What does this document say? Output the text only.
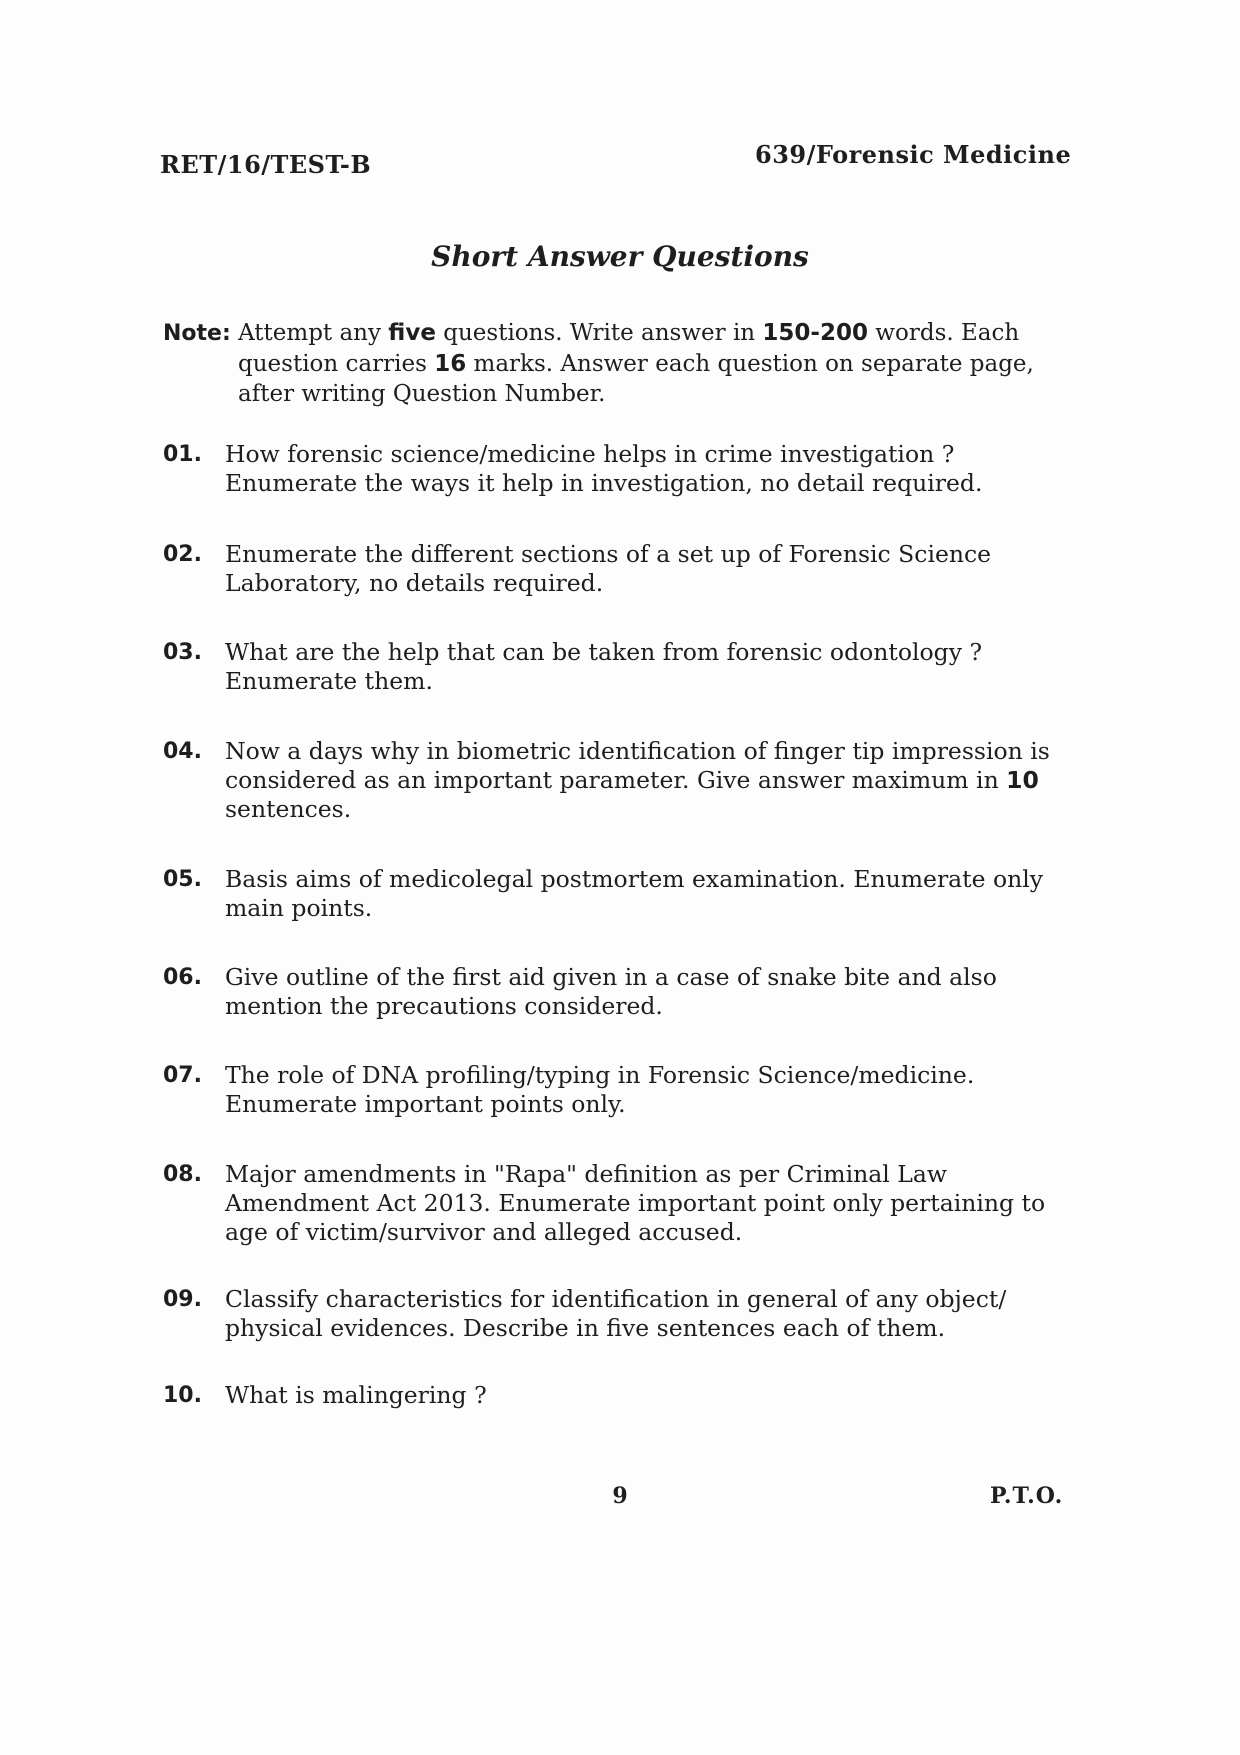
RET/16/TEST-B	639/Forensic Medicine
Short Answer Questions
Note: Attempt any five questions. Write answer in 150-200 words. Each
question carries 16 marks. Answer each question on separate page,
after writing Question Number.
01. How forensic science/medicine helps in crime investigation ?
Enumerate the ways it help in investigation, no detail required.
02. Enumerate the different sections of a set up of Forensic Science
Laboratory, no details required.
03. What are the help that can be taken from forensic odontology ?
Enumerate them.
04. Now a days why in biometric identification of finger tip impression is
considered as an important parameter. Give answer maximum in 10
sentences.
05. Basis aims of medicolegal postmortem examination. Enumerate only
main points.
06. Give outline of the first aid given in a case of snake bite and also
mention the precautions considered.
07. The role of DNA profiling/typing in Forensic Science/medicine.
Enumerate important points only.
08. Major amendments in "Rapa" definition as per Criminal Law
Amendment Act 2013. Enumerate important point only pertaining to
age of victim/survivor and alleged accused.
09. Classify characteristics for identification in general of any object/
physical evidences. Describe in five sentences each of them.
10. What is malingering ?
9	P.T.O.
